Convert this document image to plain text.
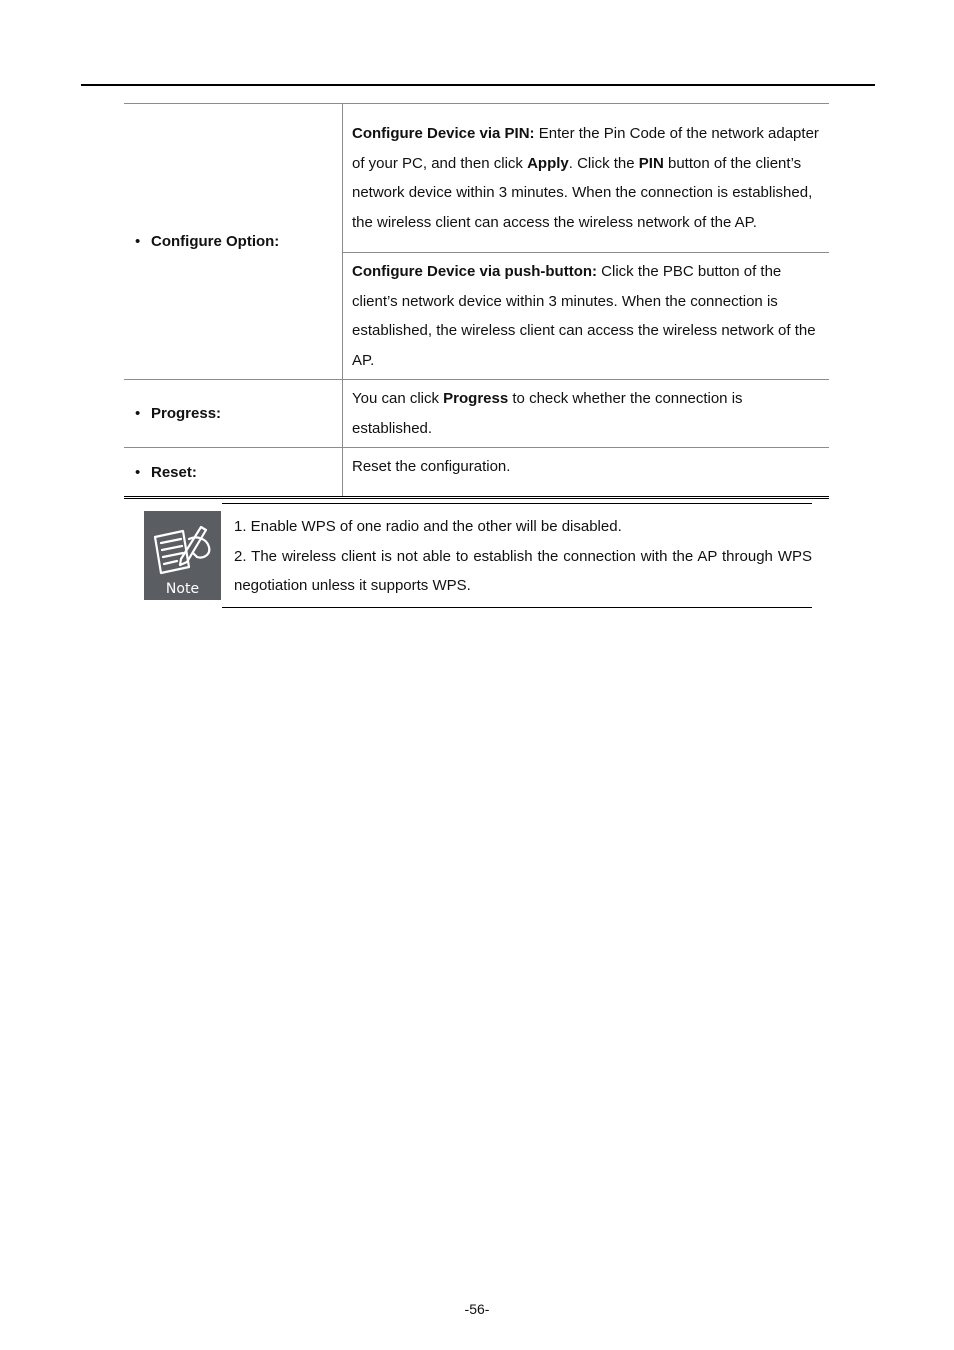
• Configure Option:	Configure Device via PIN: Enter the Pin Code of the network adapter of your PC, and then click Apply. Click the PIN button of the client’s network device within 3 minutes. When the connection is established, the wireless client can access the wireless network of the AP.
	Configure Device via push-button: Click the PBC button of the client’s network device within 3 minutes. When the connection is established, the wireless client can access the wireless network of the AP.
• Progress:	You can click Progress to check whether the connection is established.
• Reset:	Reset the configuration.
Note

1. Enable WPS of one radio and the other will be disabled.

2. The wireless client is not able to establish the connection with the AP through WPS negotiation unless it supports WPS.

-56-
